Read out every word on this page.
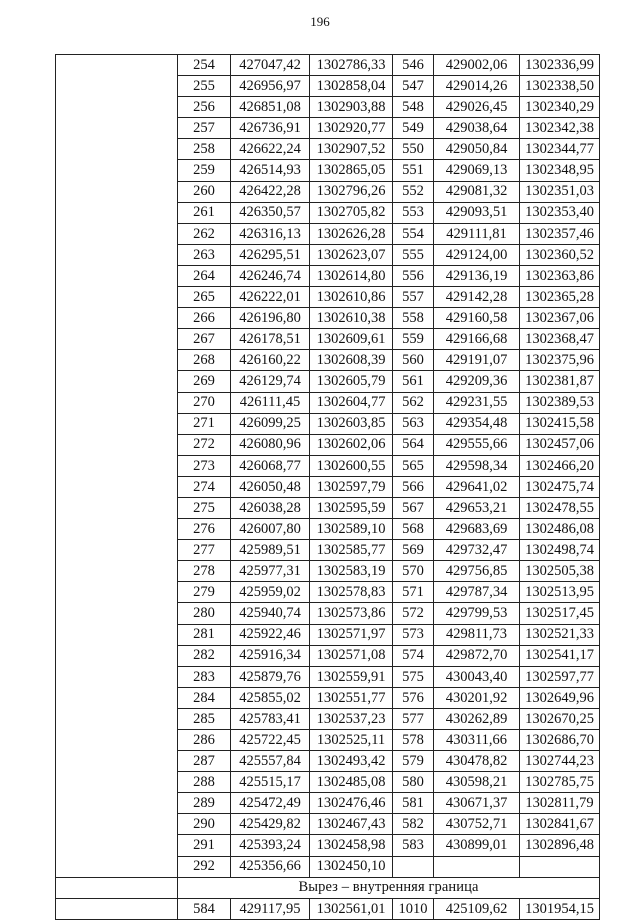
196
	254	427047,42	1302786,33	546	429002,06	1302336,99
	255	426956,97	1302858,04	547	429014,26	1302338,50
	256	426851,08	1302903,88	548	429026,45	1302340,29
	257	426736,91	1302920,77	549	429038,64	1302342,38
	258	426622,24	1302907,52	550	429050,84	1302344,77
	259	426514,93	1302865,05	551	429069,13	1302348,95
	260	426422,28	1302796,26	552	429081,32	1302351,03
	261	426350,57	1302705,82	553	429093,51	1302353,40
	262	426316,13	1302626,28	554	429111,81	1302357,46
	263	426295,51	1302623,07	555	429124,00	1302360,52
	264	426246,74	1302614,80	556	429136,19	1302363,86
	265	426222,01	1302610,86	557	429142,28	1302365,28
	266	426196,80	1302610,38	558	429160,58	1302367,06
	267	426178,51	1302609,61	559	429166,68	1302368,47
	268	426160,22	1302608,39	560	429191,07	1302375,96
	269	426129,74	1302605,79	561	429209,36	1302381,87
	270	426111,45	1302604,77	562	429231,55	1302389,53
	271	426099,25	1302603,85	563	429354,48	1302415,58
	272	426080,96	1302602,06	564	429555,66	1302457,06
	273	426068,77	1302600,55	565	429598,34	1302466,20
	274	426050,48	1302597,79	566	429641,02	1302475,74
	275	426038,28	1302595,59	567	429653,21	1302478,55
	276	426007,80	1302589,10	568	429683,69	1302486,08
	277	425989,51	1302585,77	569	429732,47	1302498,74
	278	425977,31	1302583,19	570	429756,85	1302505,38
	279	425959,02	1302578,83	571	429787,34	1302513,95
	280	425940,74	1302573,86	572	429799,53	1302517,45
	281	425922,46	1302571,97	573	429811,73	1302521,33
	282	425916,34	1302571,08	574	429872,70	1302541,17
	283	425879,76	1302559,91	575	430043,40	1302597,77
	284	425855,02	1302551,77	576	430201,92	1302649,96
	285	425783,41	1302537,23	577	430262,89	1302670,25
	286	425722,45	1302525,11	578	430311,66	1302686,70
	287	425557,84	1302493,42	579	430478,82	1302744,23
	288	425515,17	1302485,08	580	430598,21	1302785,75
	289	425472,49	1302476,46	581	430671,37	1302811,79
	290	425429,82	1302467,43	582	430752,71	1302841,67
	291	425393,24	1302458,98	583	430899,01	1302896,48
	292	425356,66	1302450,10			
	Вырез – внутренняя граница					
	584	429117,95	1302561,01	1010	425109,62	1301954,15
